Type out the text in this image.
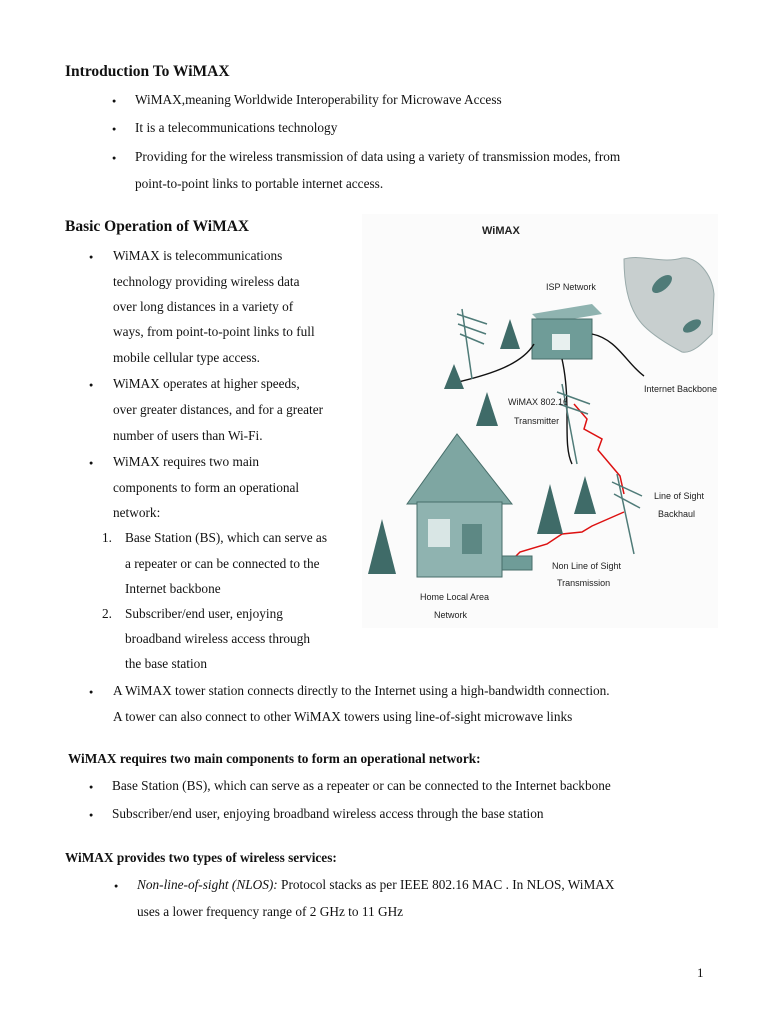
Introduction To WiMAX
●
WiMAX,meaning Worldwide Interoperability for Microwave Access
●
It is a telecommunications technology
●
Providing for the wireless transmission of data using a variety of transmission modes, from
point-to-point links to portable internet access.
Basic Operation of WiMAX
●
WiMAX is telecommunications
technology providing wireless data
over long distances in a variety of
ways, from point-to-point links to full
mobile cellular type access.
●
WiMAX operates at higher speeds,
over greater distances, and for a greater
number of users than Wi-Fi.
●
WiMAX requires two main
components to form an operational
network:
1. Base Station (BS), which can serve as
a repeater or can be connected to the
Internet backbone
2. Subscriber/end user, enjoying
broadband wireless access through
the base station
●
A WiMAX tower station connects directly to the Internet using a high-bandwidth connection.
A tower can also connect to other WiMAX towers using line-of-sight microwave links
WiMAX
ISP Network
Internet Backbone
WiMAX 802.16
Transmitter
Line of Sight
Backhaul
Non Line of Sight
Transmission
Home Local Area
Network
WiMAX requires two main components to form an operational network:
●
Base Station (BS), which can serve as a repeater or can be connected to the Internet backbone
●
Subscriber/end user, enjoying broadband wireless access through the base station
WiMAX provides two types of wireless services:
●
Non-line-of-sight (NLOS): Protocol stacks as per IEEE 802.16 MAC . In NLOS, WiMAX
uses a lower frequency range of 2 GHz to 11 GHz
1
